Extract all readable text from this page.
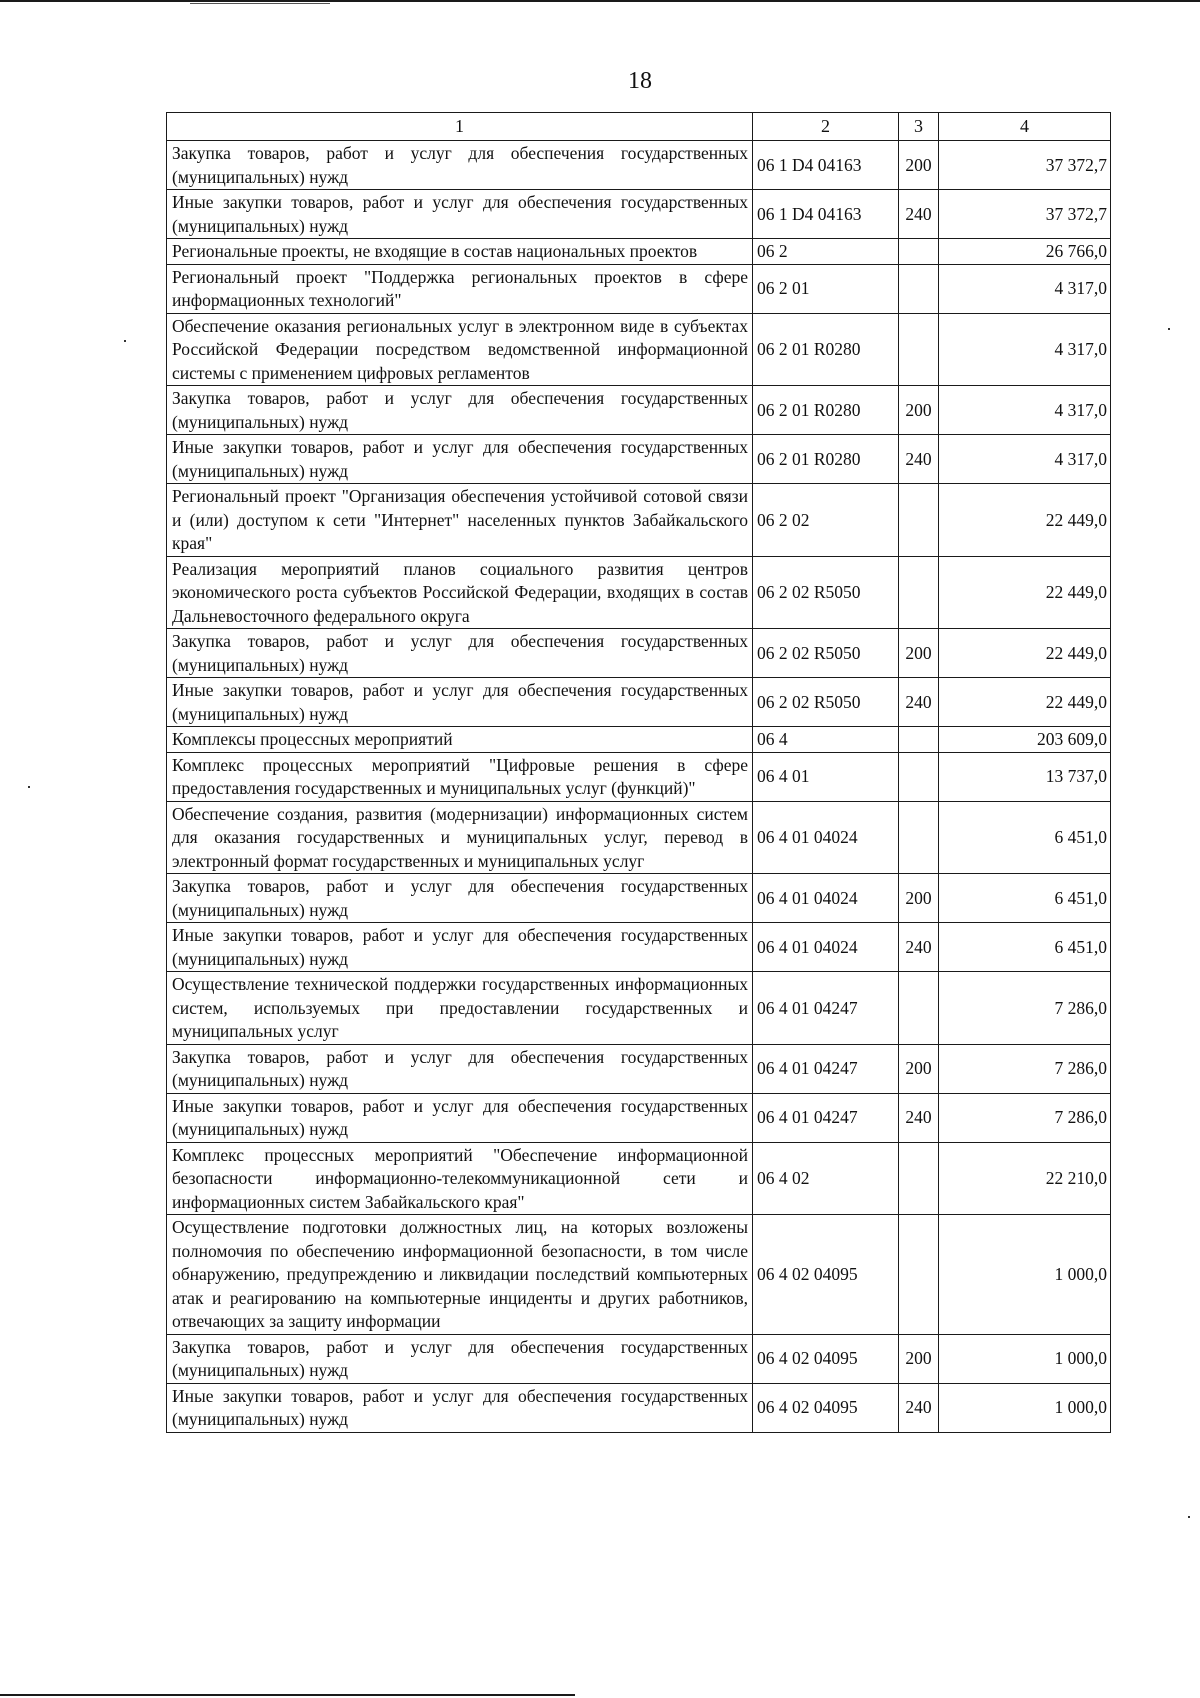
18
1	2	3	4
Закупка товаров, работ и услуг для обеспечения государственных (муниципальных) нужд	06 1 D4 04163	200	37 372,7
Иные закупки товаров, работ и услуг для обеспечения государственных (муниципальных) нужд	06 1 D4 04163	240	37 372,7
Региональные проекты, не входящие в состав национальных проектов	06 2		26 766,0
Региональный проект "Поддержка региональных проектов в сфере информационных технологий"	06 2 01		4 317,0
Обеспечение оказания региональных услуг в электронном виде в субъектах Российской Федерации посредством ведомственной информационной системы с применением цифровых регламентов	06 2 01 R0280		4 317,0
Закупка товаров, работ и услуг для обеспечения государственных (муниципальных) нужд	06 2 01 R0280	200	4 317,0
Иные закупки товаров, работ и услуг для обеспечения государственных (муниципальных) нужд	06 2 01 R0280	240	4 317,0
Региональный проект "Организация обеспечения устойчивой сотовой связи и (или) доступом к сети "Интернет" населенных пунктов Забайкальского края"	06 2 02		22 449,0
Реализация мероприятий планов социального развития центров экономического роста субъектов Российской Федерации, входящих в состав Дальневосточного федерального округа	06 2 02 R5050		22 449,0
Закупка товаров, работ и услуг для обеспечения государственных (муниципальных) нужд	06 2 02 R5050	200	22 449,0
Иные закупки товаров, работ и услуг для обеспечения государственных (муниципальных) нужд	06 2 02 R5050	240	22 449,0
Комплексы процессных мероприятий	06 4		203 609,0
Комплекс процессных мероприятий "Цифровые решения в сфере предоставления государственных и муниципальных услуг (функций)"	06 4 01		13 737,0
Обеспечение создания, развития (модернизации) информационных систем для оказания государственных и муниципальных услуг, перевод в электронный формат государственных и муниципальных услуг	06 4 01 04024		6 451,0
Закупка товаров, работ и услуг для обеспечения государственных (муниципальных) нужд	06 4 01 04024	200	6 451,0
Иные закупки товаров, работ и услуг для обеспечения государственных (муниципальных) нужд	06 4 01 04024	240	6 451,0
Осуществление технической поддержки государственных информационных систем, используемых при предоставлении государственных и муниципальных услуг	06 4 01 04247		7 286,0
Закупка товаров, работ и услуг для обеспечения государственных (муниципальных) нужд	06 4 01 04247	200	7 286,0
Иные закупки товаров, работ и услуг для обеспечения государственных (муниципальных) нужд	06 4 01 04247	240	7 286,0
Комплекс процессных мероприятий "Обеспечение информационной безопасности информационно-телекоммуникационной сети и информационных систем Забайкальского края"	06 4 02		22 210,0
Осуществление подготовки должностных лиц, на которых возложены полномочия по обеспечению информационной безопасности, в том числе обнаружению, предупреждению и ликвидации последствий компьютерных атак и реагированию на компьютерные инциденты и других работников, отвечающих за защиту информации	06 4 02 04095		1 000,0
Закупка товаров, работ и услуг для обеспечения государственных (муниципальных) нужд	06 4 02 04095	200	1 000,0
Иные закупки товаров, работ и услуг для обеспечения государственных (муниципальных) нужд	06 4 02 04095	240	1 000,0
